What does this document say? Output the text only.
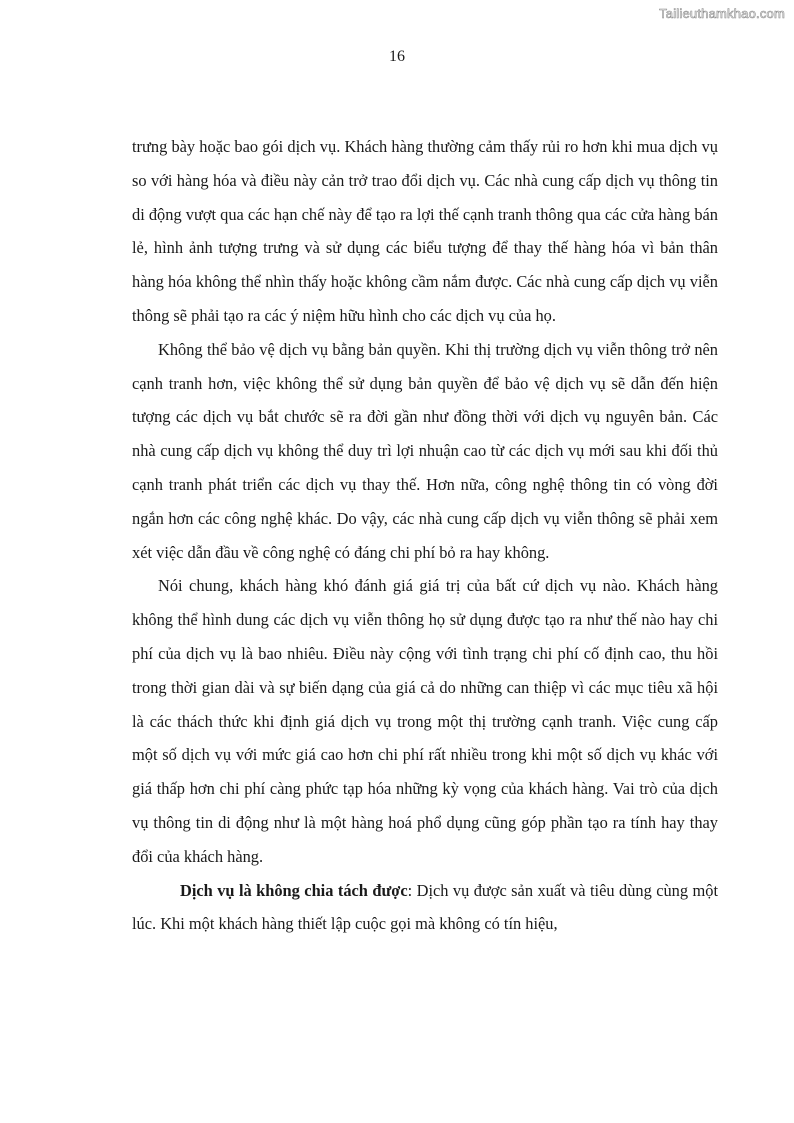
Tailieuthamkhao.com
16

trưng bày hoặc bao gói dịch vụ. Khách hàng thường cảm thấy rủi ro hơn khi mua dịch vụ so với hàng hóa và điều này cản trở trao đổi dịch vụ. Các nhà cung cấp dịch vụ thông tin di động vượt qua các hạn chế này để tạo ra lợi thế cạnh tranh thông qua các cửa hàng bán lẻ, hình ảnh tượng trưng và sử dụng các biểu tượng để thay thế hàng hóa vì bản thân hàng hóa không thể nhìn thấy hoặc không cầm nắm được. Các nhà cung cấp dịch vụ viễn thông sẽ phải tạo ra các ý niệm hữu hình cho các dịch vụ của họ.

Không thể bảo vệ dịch vụ bằng bản quyền. Khi thị trường dịch vụ viễn thông trở nên cạnh tranh hơn, việc không thể sử dụng bản quyền để bảo vệ dịch vụ sẽ dẫn đến hiện tượng các dịch vụ bắt chước sẽ ra đời gần như đồng thời với dịch vụ nguyên bản. Các nhà cung cấp dịch vụ không thể duy trì lợi nhuận cao từ các dịch vụ mới sau khi đối thủ cạnh tranh phát triển các dịch vụ thay thế. Hơn nữa, công nghệ thông tin có vòng đời ngắn hơn các công nghệ khác. Do vậy, các nhà cung cấp dịch vụ viễn thông sẽ phải xem xét việc dẫn đầu về công nghệ có đáng chi phí bỏ ra hay không.

Nói chung, khách hàng khó đánh giá giá trị của bất cứ dịch vụ nào. Khách hàng không thể hình dung các dịch vụ viễn thông họ sử dụng được tạo ra như thế nào hay chi phí của dịch vụ là bao nhiêu. Điều này cộng với tình trạng chi phí cố định cao, thu hồi trong thời gian dài và sự biến dạng của giá cả do những can thiệp vì các mục tiêu xã hội là các thách thức khi định giá dịch vụ trong một thị trường cạnh tranh. Việc cung cấp một số dịch vụ với mức giá cao hơn chi phí rất nhiều trong khi một số dịch vụ khác với giá thấp hơn chi phí càng phức tạp hóa những kỳ vọng của khách hàng. Vai trò của dịch vụ thông tin di động như là một hàng hoá phổ dụng cũng góp phần tạo ra tính hay thay đổi của khách hàng.

Dịch vụ là không chia tách được: Dịch vụ được sản xuất và tiêu dùng cùng một lúc. Khi một khách hàng thiết lập cuộc gọi mà không có tín hiệu,
